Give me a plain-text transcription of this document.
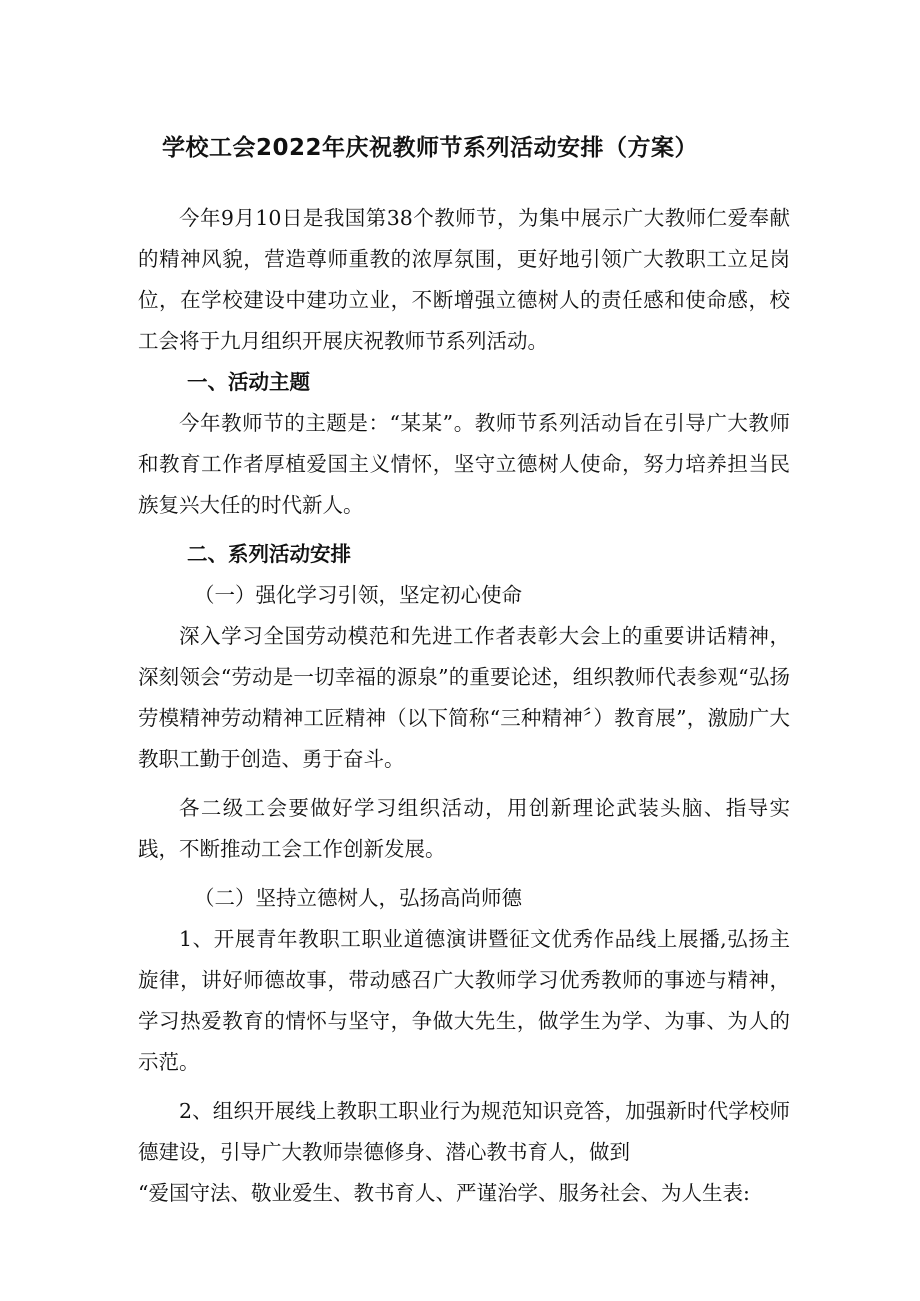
学校工会2022年庆祝教师节系列活动安排（方案）

今年9月10日是我国第38个教师节，为集中展示广大教师仁爱奉献的精神风貌，营造尊师重教的浓厚氛围，更好地引领广大教职工立足岗位，在学校建设中建功立业，不断增强立德树人的责任感和使命感，校工会将于九月组织开展庆祝教师节系列活动。

一、活动主题

今年教师节的主题是：“某某”。教师节系列活动旨在引导广大教师和教育工作者厚植爱国主义情怀，坚守立德树人使命，努力培养担当民族复兴大任的时代新人。

二、系列活动安排

（一）强化学习引领，坚定初心使命

深入学习全国劳动模范和先进工作者表彰大会上的重要讲话精神，深刻领会“劳动是一切幸福的源泉”的重要论述，组织教师代表参观“弘扬劳模精神劳动精神工匠精神（以下简称“三种精神〞）教育展”，激励广大教职工勤于创造、勇于奋斗。

各二级工会要做好学习组织活动，用创新理论武装头脑、指导实践，不断推动工会工作创新发展。

（二）坚持立德树人，弘扬高尚师德

1、开展青年教职工职业道德演讲暨征文优秀作品线上展播,弘扬主旋律，讲好师德故事，带动感召广大教师学习优秀教师的事迹与精神，学习热爱教育的情怀与坚守，争做大先生，做学生为学、为事、为人的示范。

2、组织开展线上教职工职业行为规范知识竞答，加强新时代学校师德建设，引导广大教师崇德修身、潜心教书育人，做到

“爱国守法、敬业爱生、教书育人、严谨治学、服务社会、为人生表:
